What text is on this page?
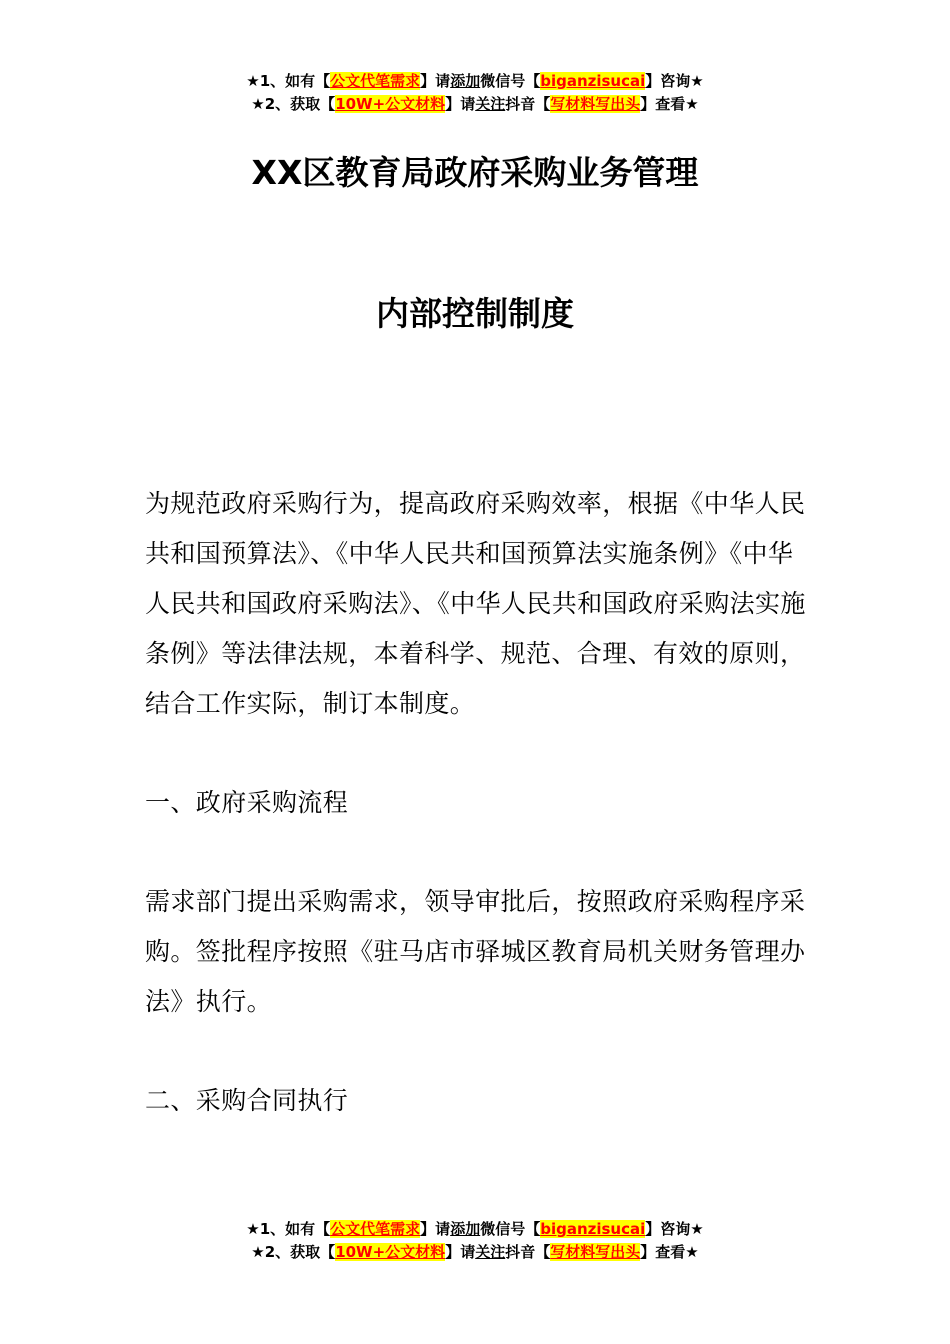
★1、如有【公文代笔需求】请添加微信号【biganzisucai】咨询★
★2、获取【10W+公文材料】请关注抖音【写材料写出头】查看★
XX区教育局政府采购业务管理
内部控制制度
为规范政府采购行为，提高政府采购效率，根据《中华人民共和国预算法》、《中华人民共和国预算法实施条例》《中华人民共和国政府采购法》、《中华人民共和国政府采购法实施条例》等法律法规，本着科学、规范、合理、有效的原则，结合工作实际，制订本制度。
一、政府采购流程
需求部门提出采购需求，领导审批后，按照政府采购程序采购。签批程序按照《驻马店市驿城区教育局机关财务管理办法》执行。
二、采购合同执行
★1、如有【公文代笔需求】请添加微信号【biganzisucai】咨询★
★2、获取【10W+公文材料】请关注抖音【写材料写出头】查看★
